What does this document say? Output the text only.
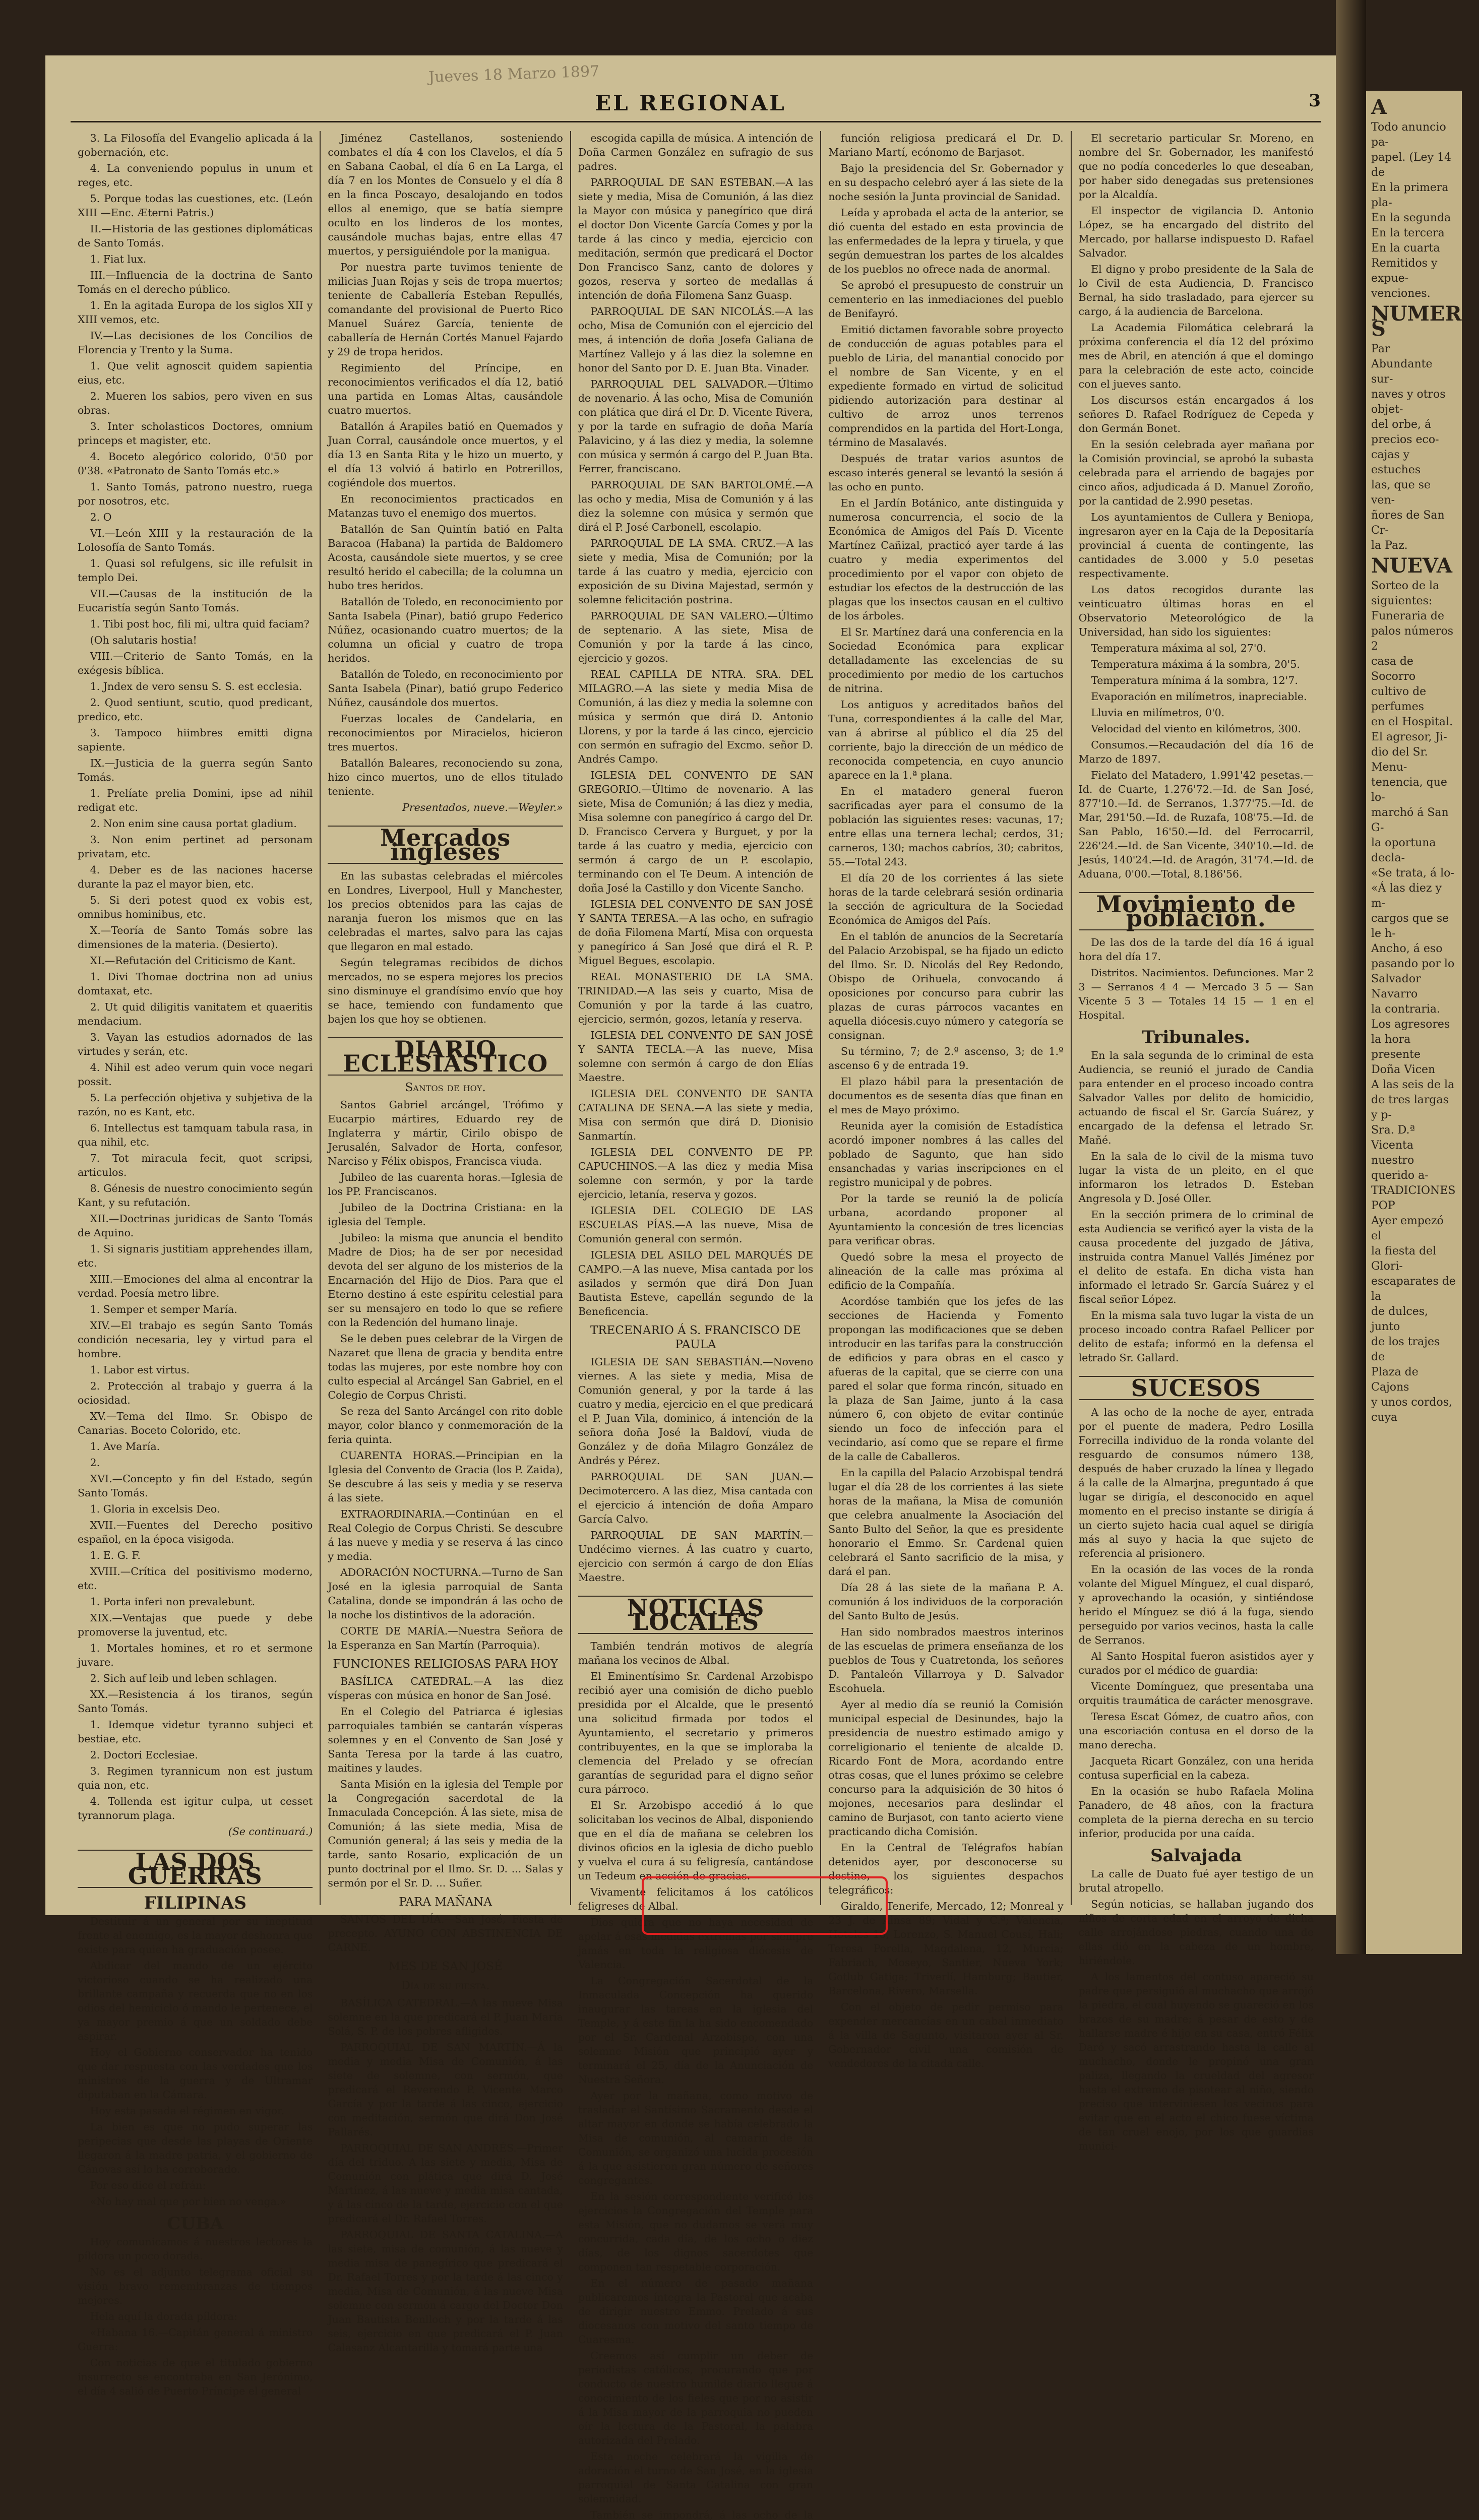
Jueves 18 Marzo 1897
EL REGIONAL	3

3. La Filosofía del Evangelio aplicada á la gobernación, etc.

4. La conveniendo populus in unum et reges, etc.

5. Porque todas las cuestiones, etc. (León XIII —Enc. Æterni Patris.)

II.—Historia de las gestiones diplomáticas de Santo Tomás.

1. Fiat lux.

III.—Influencia de la doctrina de Santo Tomás en el derecho público.

1. En la agitada Europa de los siglos XII y XIII vemos, etc.

IV.—Las decisiones de los Concilios de Florencia y Trento y la Suma.

1. Que velit agnoscit quidem sapientia eius, etc.

2. Mueren los sabios, pero viven en sus obras.

3. Inter scholasticos Doctores, omnium princeps et magister, etc.

4. Boceto alegórico colorido, 0'50 por 0'38. «Patronato de Santo Tomás etc.»

1. Santo Tomás, patrono nuestro, ruega por nosotros, etc.

2. O

VI.—León XIII y la restauración de la Lolosofía de Santo Tomás.

1. Quasi sol refulgens, sic ille refulsit in templo Dei.

VII.—Causas de la institución de la Eucaristía según Santo Tomás.

1. Tibi post hoc, fili mi, ultra quid faciam?

(Oh salutaris hostia!

VIII.—Criterio de Santo Tomás, en la exégesis bíblica.

1. Jndex de vero sensu S. S. est ecclesia.

2. Quod sentiunt, scutio, quod predicant, predico, etc.

3. Tampoco hiimbres emitti digna sapiente.

IX.—Justicia de la guerra según Santo Tomás.

1. Prelíate prelia Domini, ipse ad nihil redigat etc.

2. Non enim sine causa portat gladium.

3. Non enim pertinet ad personam privatam, etc.

4. Deber es de las naciones hacerse durante la paz el mayor bien, etc.

5. Si deri potest quod ex vobis est, omnibus hominibus, etc.

X.—Teoría de Santo Tomás sobre las dimensiones de la materia. (Desierto).

XI.—Refutación del Criticismo de Kant.

1. Divi Thomae doctrina non ad unius domtaxat, etc.

2. Ut quid diligitis vanitatem et quaeritis mendacium.

3. Vayan las estudios adornados de las virtudes y serán, etc.

4. Nihil est adeo verum quin voce negari possit.

5. La perfección objetiva y subjetiva de la razón, no es Kant, etc.

6. Intellectus est tamquam tabula rasa, in qua nihil, etc.

7. Tot miracula fecit, quot scripsi, articulos.

8. Génesis de nuestro conocimiento según Kant, y su refutación.

XII.—Doctrinas juridicas de Santo Tomás de Aquino.

1. Si signaris justitiam apprehendes illam, etc.

XIII.—Emociones del alma al encontrar la verdad. Poesía metro libre.

1. Semper et semper María.

XIV.—El trabajo es según Santo Tomás condición necesaria, ley y virtud para el hombre.

1. Labor est virtus.

2. Protección al trabajo y guerra á la ociosidad.

XV.—Tema del Ilmo. Sr. Obispo de Canarias. Boceto Colorido, etc.

1. Ave María.

2.

XVI.—Concepto y fin del Estado, según Santo Tomás.

1. Gloria in excelsis Deo.

XVII.—Fuentes del Derecho positivo español, en la época visigoda.

1. E. G. F.

XVIII.—Crítica del positivismo moderno, etc.

1. Porta inferi non prevalebunt.

XIX.—Ventajas que puede y debe promoverse la juventud, etc.

1. Mortales homines, et ro et sermone juvare.

2. Sich auf leib und leben schlagen.

XX.—Resistencia á los tiranos, según Santo Tomás.

1. Idemque videtur tyranno subjeci et bestiae, etc.

2. Doctori Ecclesiae.

3. Regimen tyrannicum non est justum quia non, etc.

4. Tollenda est igitur culpa, ut cesset tyrannorum plaga.

(Se continuará.)
LAS DOS GUERRAS
FILIPINAS

Destituir á un general por su ineptitud frente al enemigo, es la mayor deshonra que existe para quien ha graduación posee.

Abdicar del mando de un ejército victorioso cuando se ha realizado una brillante campaña y recuerda que no en los odios del hemiciclo ó mando le pertenece, el ya mayor premio á que un soldado debe aspirar.

Hoy el Gobierno conservador ha tenido que dar respuesta con las verdades que los ministros de la guerra y de Ultramar diputaban en la Cámara.

Hoy esta pasada el régimen en vigor.

La bien es que no pudo superar las peripecias que desde las playas de Oriente llegaron á la madre patria, y el gobierno de Cánovas así lo ha corroborado.

Por eso dice el refrán:

«No hay mal que por bien no venga.»

CUBA

Hoy comunicamos á nuestros lectores la píldora un poco dorada.

No es el adjunto telegrama oficial su visión bravo remembranzas de tiempos mejores.

Hela aquí la dorada píldora:

«Habana 16.—Capitán general á ministro Guerra:

Con noticias de que el titulado gobierno insurrecto se encontraba en San Jerónimo, el día 4 salió de Puerto Príncipe el general

Jiménez Castellanos, sosteniendo combates el día 4 con los Clavelos, el día 5 en Sabana Caobal, el día 6 en La Larga, el día 7 en los Montes de Consuelo y el día 8 en la finca Poscayo, desalojando en todos ellos al enemigo, que se batía siempre oculto en los linderos de los montes, causándole muchas bajas, entre ellas 47 muertos, y persiguiéndole por la manigua.

Por nuestra parte tuvimos teniente de milicias Juan Rojas y seis de tropa muertos; teniente de Caballería Esteban Repullés, comandante del provisional de Puerto Rico Manuel Suárez García, teniente de caballería de Hernán Cortés Manuel Fajardo y 29 de tropa heridos.

Regimiento del Príncipe, en reconocimientos verificados el día 12, batió una partida en Lomas Altas, causándole cuatro muertos.

Batallón á Arapiles batió en Quemados y Juan Corral, causándole once muertos, y el día 13 en Santa Rita y le hizo un muerto, y el día 13 volvió á batirlo en Potrerillos, cogiéndole dos muertos.

En reconocimientos practicados en Matanzas tuvo el enemigo dos muertos.

Batallón de San Quintín batió en Palta Baracoa (Habana) la partida de Baldomero Acosta, causándole siete muertos, y se cree resultó herido el cabecilla; de la columna un hubo tres heridos.

Batallón de Toledo, en reconocimiento por Santa Isabela (Pinar), batió grupo Federico Núñez, ocasionando cuatro muertos; de la columna un oficial y cuatro de tropa heridos.

Batallón de Toledo, en reconocimiento por Santa Isabela (Pinar), batió grupo Federico Núñez, causándole dos muertos.

Fuerzas locales de Candelaria, en reconocimientos por Miracielos, hicieron tres muertos.

Batallón Baleares, reconociendo su zona, hizo cinco muertos, uno de ellos titulado teniente.

Presentados, nueve.—Weyler.»
Mercados ingleses

En las subastas celebradas el miércoles en Londres, Liverpool, Hull y Manchester, los precios obtenidos para las cajas de naranja fueron los mismos que en las celebradas el martes, salvo para las cajas que llegaron en mal estado.

Según telegramas recibidos de dichos mercados, no se espera mejores los precios sino disminuye el grandísimo envío que hoy se hace, temiendo con fundamento que bajen los que hoy se obtienen.

DIARIO ECLESIÁSTICO
Santos de hoy.

Santos Gabriel arcángel, Trófimo y Eucarpio mártires, Eduardo rey de Inglaterra y mártir, Cirilo obispo de Jerusalén, Salvador de Horta, confesor, Narciso y Félix obispos, Francisca viuda.

Jubileo de las cuarenta horas.—Iglesia de los PP. Franciscanos.

Jubileo de la Doctrina Cristiana: en la iglesia del Temple.

Jubileo: la misma que anuncia el bendito Madre de Dios; ha de ser por necesidad devota del ser alguno de los misterios de la Encarnación del Hijo de Dios. Para que el Eterno destino á este espíritu celestial para ser su mensajero en todo lo que se refiere con la Redención del humano linaje.

Se le deben pues celebrar de la Virgen de Nazaret que llena de gracia y bendita entre todas las mujeres, por este nombre hoy con culto especial al Arcángel San Gabriel, en el Colegio de Corpus Christi.

Se reza del Santo Arcángel con rito doble mayor, color blanco y conmemoración de la feria quinta.

CUARENTA HORAS.—Principian en la Iglesia del Convento de Gracia (los P. Zaida), Se descubre á las seis y media y se reserva á las siete.

EXTRAORDINARIA.—Continúan en el Real Colegio de Corpus Christi. Se descubre á las nueve y media y se reserva á las cinco y media.

ADORACIÓN NOCTURNA.—Turno de San José en la iglesia parroquial de Santa Catalina, donde se impondrán á las ocho de la noche los distintivos de la adoración.

CORTE DE MARÍA.—Nuestra Señora de la Esperanza en San Martín (Parroquia).

FUNCIONES RELIGIOSAS PARA HOY

BASÍLICA CATEDRAL.—A las diez vísperas con música en honor de San José.

En el Colegio del Patriarca é iglesias parroquiales también se cantarán vísperas solemnes y en el Convento de San José y Santa Teresa por la tarde á las cuatro, maitines y laudes.

Santa Misión en la iglesia del Temple por la Congregación sacerdotal de la Inmaculada Concepción. Á las siete, misa de Comunión; á las siete media, Misa de Comunión general; á las seis y media de la tarde, santo Rosario, explicación de un punto doctrinal por el Ilmo. Sr. D. ... Salas y sermón por el Sr. D. ... Suñer.

PARA MAÑANA

SANTOS DEL DÍA.—San José, Fiesta de precepto. AYUNO CON ABSTINENCIA DE CARNE.

MES DE SAN JOSÉ
Día de su fiesta.

BASÍLICA CATEDRAL.—A las nueve Misa solemne en la que predicará el P. Juan María Solá, S. P. de los pobres afligidos.

PARROQUIAL DE SAN MARTÍN.—Á la media y media Misa de Comunión, á las siete de solemne, con sermón, que predicará el Reverendo P. Vicente Marco García y por la tarde á las cinco, ejercicio con meditación, sermón que dirá Don José Pallarés.

PARROQUIAL DE SAN ANDRÉS.—Primer día del triduo. A las siete y media, Misa de Comunión con plática que dirá D. José Martínez, á las nueve y media misa cantada, y á las cinco de la tarde, ejercicio con el que predicará el Dr. Rafael Torres.

PARROQUIAL DE SANTA CATALINA.—A las siete, misa de comunión, á las nueve y media misa de panegírico que predicará el Dr. Rafael Torres y por la tarde á las cinco y media, Misa de Comunión, á las nueve Misa solemne con sermón á cargo del Doctor Don Juan Bautista Benlloch y por la tarde á las seis, ejercicio en que predicará el P. Juan Calasanz Alcantarilla y tomará parte una

escogida capilla de música. A intención de Doña Carmen González en sufragio de sus padres.

PARROQUIAL DE SAN ESTEBAN.—A las siete y media, Misa de Comunión, á las diez la Mayor con música y panegírico que dirá el doctor Don Vicente García Comes y por la tarde á las cinco y media, ejercicio con meditación, sermón que predicará el Doctor Don Francisco Sanz, canto de dolores y gozos, reserva y sorteo de medallas á intención de doña Filomena Sanz Guasp.

PARROQUIAL DE SAN NICOLÁS.—A las ocho, Misa de Comunión con el ejercicio del mes, á intención de doña Josefa Galiana de Martínez Vallejo y á las diez la solemne en honor del Santo por D. E. Juan Bta. Vinader.

PARROQUIAL DEL SALVADOR.—Último de novenario. Á las ocho, Misa de Comunión con plática que dirá el Dr. D. Vicente Rivera, y por la tarde en sufragio de doña María Palavicino, y á las diez y media, la solemne con música y sermón á cargo del P. Juan Bta. Ferrer, franciscano.

PARROQUIAL DE SAN BARTOLOMÉ.—A las ocho y media, Misa de Comunión y á las diez la solemne con música y sermón que dirá el P. José Carbonell, escolapio.

PARROQUIAL DE LA SMA. CRUZ.—A las siete y media, Misa de Comunión; por la tarde á las cuatro y media, ejercicio con exposición de su Divina Majestad, sermón y solemne felicitación postrina.

PARROQUIAL DE SAN VALERO.—Último de septenario. A las siete, Misa de Comunión y por la tarde á las cinco, ejercicio y gozos.

REAL CAPILLA DE NTRA. SRA. DEL MILAGRO.—A las siete y media Misa de Comunión, á las diez y media la solemne con música y sermón que dirá D. Antonio Llorens, y por la tarde á las cinco, ejercicio con sermón en sufragio del Excmo. señor D. Andrés Campo.

IGLESIA DEL CONVENTO DE SAN GREGORIO.—Último de novenario. A las siete, Misa de Comunión; á las diez y media, Misa solemne con panegírico á cargo del Dr. D. Francisco Cervera y Burguet, y por la tarde á las cuatro y media, ejercicio con sermón á cargo de un P. escolapio, terminando con el Te Deum. A intención de doña José la Castillo y don Vicente Sancho.

IGLESIA DEL CONVENTO DE SAN JOSÉ Y SANTA TERESA.—A las ocho, en sufragio de doña Filomena Martí, Misa con orquesta y panegírico á San José que dirá el R. P. Miguel Begues, escolapio.

REAL MONASTERIO DE LA SMA. TRINIDAD.—A las seis y cuarto, Misa de Comunión y por la tarde á las cuatro, ejercicio, sermón, gozos, letanía y reserva.

IGLESIA DEL CONVENTO DE SAN JOSÉ Y SANTA TECLA.—A las nueve, Misa solemne con sermón á cargo de don Elías Maestre.

IGLESIA DEL CONVENTO DE SANTA CATALINA DE SENA.—A las siete y media, Misa con sermón que dirá D. Dionisio Sanmartín.

IGLESIA DEL CONVENTO DE PP. CAPUCHINOS.—A las diez y media Misa solemne con sermón, y por la tarde ejercicio, letanía, reserva y gozos.

IGLESIA DEL COLEGIO DE LAS ESCUELAS PÍAS.—A las nueve, Misa de Comunión general con sermón.

IGLESIA DEL ASILO DEL MARQUÉS DE CAMPO.—A las nueve, Misa cantada por los asilados y sermón que dirá Don Juan Bautista Esteve, capellán segundo de la Beneficencia.

TRECENARIO Á S. FRANCISCO DE PAULA

IGLESIA DE SAN SEBASTIÁN.—Noveno viernes. A las siete y media, Misa de Comunión general, y por la tarde á las cuatro y media, ejercicio en el que predicará el P. Juan Vila, dominico, á intención de la señora doña José la Baldoví, viuda de González y de doña Milagro González de Andrés y Pérez.

PARROQUIAL DE SAN JUAN.—Decimotercero. A las diez, Misa cantada con el ejercicio á intención de doña Amparo García Calvo.

PARROQUIAL DE SAN MARTÍN.—Undécimo viernes. Á las cuatro y cuarto, ejercicio con sermón á cargo de don Elías Maestre.

NOTICIAS LOCALES

También tendrán motivos de alegría mañana los vecinos de Albal.

El Eminentísimo Sr. Cardenal Arzobispo recibió ayer una comisión de dicho pueblo presidida por el Alcalde, que le presentó una solicitud firmada por todos el Ayuntamiento, el secretario y primeros contribuyentes, en la que se imploraba la clemencia del Prelado y se ofrecían garantías de seguridad para el digno señor cura párroco.

El Sr. Arzobispo accedió á lo que solicitaban los vecinos de Albal, disponiendo que en el día de mañana se celebren los divinos oficios en la iglesia de dicho pueblo y vuelva el cura á su feligresía, cantándose un Tedeum en acción de gracias.

Vivamente felicitamos á los católicos feligreses de Albal.

Dios quiera que no haya necesidad de apelar á esas medidas extremas por siempre jamás en toda la religiosa diócesis de Valencia.

La Congregación Sacerdotal de la Inmaculada Concepción ha querido inaugurar las tareas en la iglesia del Temple, y á este fin la ha sido encomendado por el Sr. Cardenal Arzobispo, con una solemne Misión que principió ayer y terminará el 25, día de la Anunciación de Nuestra Señora.

Ayer por la mañana, como motivo de trasladar el Santísimo Sacramento desde el altar mayor en donde se había celebrado la Misa de comunión, al camarín de la Comunión, se organizó una lucida procesión á la que asistieron gran número de señores congregantes.

En la sesión correspondiente verificó los ejercicios la Congregación del Temple para esta Misión, que no dudamos se verá muy concurrida, cada día, de los ocho o diez días, de los dignos sacerdotes que componen tan respetable corporación.

En el número de pasado mañana publicaremos íntegra la Pastoral que acaba de dirigir nuestro Emmo. Prelado á sus diocesanos con motivo del santo tiempo de Cuaresma.

Creemos así cumplir un deber de periodistas católicos, procurando que por conducto de nuestro humilde diario llegue á conocimiento de los fieles que por no asistir á la Misa mayor de la parroquia no pueden oír la lectura de la Pastoral, la palabra autorizada del Prelado.

Esta noche celebrará la vigilia de adoración el turno de San José, en la iglesia parroquial de Santa Catalina con gran solemnidad.

También se impondrá, á las ocho de la

función religiosa predicará el Dr. D. Mariano Martí, ecónomo de Barjasot.

Bajo la presidencia del Sr. Gobernador y en su despacho celebró ayer á las siete de la noche sesión la Junta provincial de Sanidad.

Leída y aprobada el acta de la anterior, se dió cuenta del estado en esta provincia de las enfermedades de la lepra y tiruela, y que según demuestran los partes de los alcaldes de los pueblos no ofrece nada de anormal.

Se aprobó el presupuesto de construir un cementerio en las inmediaciones del pueblo de Benifayró.

Emitió dictamen favorable sobre proyecto de conducción de aguas potables para el pueblo de Liria, del manantial conocido por el nombre de San Vicente, y en el expediente formado en virtud de solicitud pidiendo autorización para destinar al cultivo de arroz unos terrenos comprendidos en la partida del Hort-Longa, término de Masalavés.

Después de tratar varios asuntos de escaso interés general se levantó la sesión á las ocho en punto.

En el Jardín Botánico, ante distinguida y numerosa concurrencia, el socio de la Económica de Amigos del País D. Vicente Martínez Cañizal, practicó ayer tarde á las cuatro y media experimentos del procedimiento por el vapor con objeto de estudiar los efectos de la destrucción de las plagas que los insectos causan en el cultivo de los árboles.

El Sr. Martínez dará una conferencia en la Sociedad Económica para explicar detalladamente las excelencias de su procedimiento por medio de los cartuchos de nitrina.

Los antiguos y acreditados baños del Tuna, correspondientes á la calle del Mar, van á abrirse al público el día 25 del corriente, bajo la dirección de un médico de reconocida competencia, en cuyo anuncio aparece en la 1.ª plana.

En el matadero general fueron sacrificadas ayer para el consumo de la población las siguientes reses: vacunas, 17; entre ellas una ternera lechal; cerdos, 31; carneros, 130; machos cabríos, 30; cabritos, 55.—Total 243.

El día 20 de los corrientes á las siete horas de la tarde celebrará sesión ordinaria la sección de agricultura de la Sociedad Económica de Amigos del País.

En el tablón de anuncios de la Secretaría del Palacio Arzobispal, se ha fijado un edicto del Ilmo. Sr. D. Nicolás del Rey Redondo, Obispo de Orihuela, convocando á oposiciones por concurso para cubrir las plazas de curas párrocos vacantes en aquella diócesis.cuyo número y categoría se consignan.

Su término, 7; de 2.º ascenso, 3; de 1.º ascenso 6 y de entrada 19.

El plazo hábil para la presentación de documentos es de sesenta días que finan en el mes de Mayo próximo.

Reunida ayer la comisión de Estadística acordó imponer nombres á las calles del poblado de Sagunto, que han sido ensanchadas y varias inscripciones en el registro municipal y de pobres.

Por la tarde se reunió la de policía urbana, acordando proponer al Ayuntamiento la concesión de tres licencias para verificar obras.

Quedó sobre la mesa el proyecto de alineación de la calle mas próxima al edificio de la Compañía.

Acordóse también que los jefes de las secciones de Hacienda y Fomento propongan las modificaciones que se deben introducir en las tarifas para la construcción de edificios y para obras en el casco y afueras de la capital, que se cierre con una pared el solar que forma rincón, situado en la plaza de San Jaime, junto á la casa número 6, con objeto de evitar continúe siendo un foco de infección para el vecindario, así como que se repare el firme de la calle de Caballeros.

En la capilla del Palacio Arzobispal tendrá lugar el día 28 de los corrientes á las siete horas de la mañana, la Misa de comunión que celebra anualmente la Asociación del Santo Bulto del Señor, la que es presidente honorario el Emmo. Sr. Cardenal quien celebrará el Santo sacrificio de la misa, y dará el pan.

Día 28 á las siete de la mañana P. A. comunión á los individuos de la corporación del Santo Bulto de Jesús.

Han sido nombrados maestros interinos de las escuelas de primera enseñanza de los pueblos de Tous y Cuatretonda, los señores D. Pantaleón Villarroya y D. Salvador Escohuela.

Ayer al medio día se reunió la Comisión municipal especial de Desinundes, bajo la presidencia de nuestro estimado amigo y correligionario el teniente de alcalde D. Ricardo Font de Mora, acordando entre otras cosas, que el lunes próximo se celebre concurso para la adquisición de 30 hitos ó mojones, necesarios para deslindar el camino de Burjasot, con tanto acierto viene practicando dicha Comisión.

En la Central de Telégrafos habían detenidos ayer, por desconocerse su destino, los siguientes despachos telegráficos:

Giraldo, Tenerife, Mercado, 12; Monreal y 23 J. de Ainsa 89; Vidal y C.ª; Valencia, Hoteles 10, Lorenzo, S. Manuel Cousí, Hali; Teresa Porella, Magdalena, 12, Murcia; Fabriach, Moseyo, Santier, Nueva York; Gotlub Gatiga; Triverlí, Hamburg; Bautier, Barcelona, Rivero, Marsella.

Con el objeto de pedir permiso para expender mercancías en un cabal inmediato á la villa de Sagunto, visitaron ayer al Sr. Gobernador civil una comisión de vendedores de la citada calle.

El secretario particular Sr. Moreno, en nombre del Sr. Gobernador, les manifestó que no podía concederles lo que deseaban, por haber sido denegadas sus pretensiones por la Alcaldía.

El inspector de vigilancia D. Antonio López, se ha encargado del distrito del Mercado, por hallarse indispuesto D. Rafael Salvador.

El digno y probo presidente de la Sala de lo Civil de esta Audiencia, D. Francisco Bernal, ha sido trasladado, para ejercer su cargo, á la audiencia de Barcelona.

La Academia Filomática celebrará la próxima conferencia el día 12 del próximo mes de Abril, en atención á que el domingo para la celebración de este acto, coincide con el jueves santo.

Los discursos están encargados á los señores D. Rafael Rodríguez de Cepeda y don Germán Bonet.

En la sesión celebrada ayer mañana por la Comisión provincial, se aprobó la subasta celebrada para el arriendo de bagajes por cinco años, adjudicada á D. Manuel Zoroño, por la cantidad de 2.990 pesetas.

Los ayuntamientos de Cullera y Beniopa, ingresaron ayer en la Caja de la Depositaría provincial á cuenta de contingente, las cantidades de 3.000 y 5.0 pesetas respectivamente.

Los datos recogidos durante las veinticuatro últimas horas en el Observatorio Meteorológico de la Universidad, han sido los siguientes:

Temperatura máxima al sol, 27'0.

Temperatura máxima á la sombra, 20'5.

Temperatura mínima á la sombra, 12'7.

Evaporación en milímetros, inapreciable.

Lluvia en milímetros, 0'0.

Velocidad del viento en kilómetros, 300.

Consumos.—Recaudación del día 16 de Marzo de 1897.

Fielato del Matadero, 1.991'42 pesetas.—Id. de Cuarte, 1.276'72.—Id. de San José, 877'10.—Id. de Serranos, 1.377'75.—Id. de Mar, 291'50.—Id. de Ruzafa, 108'75.—Id. de San Pablo, 16'50.—Id. del Ferrocarril, 226'24.—Id. de San Vicente, 340'10.—Id. de Jesús, 140'24.—Id. de Aragón, 31'74.—Id. de Aduana, 0'00.—Total, 8.186'56.

Movimiento de población.

De las dos de la tarde del día 16 á igual hora del día 17.

Distritos. Nacimientos. Defunciones. Mar 2 3 — Serranos 4 4 — Mercado 3 5 — San Vicente 5 3 — Totales 14 15 — 1 en el Hospital.

Tribunales.

En la sala segunda de lo criminal de esta Audiencia, se reunió el jurado de Candia para entender en el proceso incoado contra Salvador Valles por delito de homicidio, actuando de fiscal el Sr. García Suárez, y encargado de la defensa el letrado Sr. Mañé.

En la sala de lo civil de la misma tuvo lugar la vista de un pleito, en el que informaron los letrados D. Esteban Angresola y D. José Oller.

En la sección primera de lo criminal de esta Audiencia se verificó ayer la vista de la causa procedente del juzgado de Játiva, instruida contra Manuel Vallés Jiménez por el delito de estafa. En dicha vista han informado el letrado Sr. García Suárez y el fiscal señor López.

En la misma sala tuvo lugar la vista de un proceso incoado contra Rafael Pellicer por delito de estafa; informó en la defensa el letrado Sr. Gallard.

SUCESOS

A las ocho de la noche de ayer, entrada por el puente de madera, Pedro Losilla Forrecilla individuo de la ronda volante del resguardo de consumos número 138, después de haber cruzado la línea y llegado á la calle de la Almarjna, preguntado á que lugar se dirigía, el desconocido en aquel momento en el preciso instante se dirigía á un cierto sujeto hacia cual aquel se dirigía más al suyo y hacia la que sujeto de referencia al prisionero.

En la ocasión de las voces de la ronda volante del Miguel Mínguez, el cual disparó, y aprovechando la ocasión, y sintiéndose herido el Mínguez se dió á la fuga, siendo perseguido por varios vecinos, hasta la calle de Serranos.

Al Santo Hospital fueron asistidos ayer y curados por el médico de guardia:

Vicente Domínguez, que presentaba una orquitis traumática de carácter menosgrave.

Teresa Escat Gómez, de cuatro años, con una escoriación contusa en el dorso de la mano derecha.

Jacqueta Ricart González, con una herida contusa superficial en la cabeza.

En la ocasión se hubo Rafaela Molina Panadero, de 48 años, con la fractura completa de la pierna derecha en su tercio inferior, producida por una caída.

Salvajada

La calle de Duato fué ayer testigo de un brutal atropello.

Según noticias, se hallaban jugando dos niños de corta edad en el arroyo de dicha calle arrojándose piedras, cuando una de ellas dió en la cabeza de un hombre, hiriéndole.

A los lamentos del contuso apareció su padre que persiguió al muchacho que arrojó la piedra, el cual huyendo se guareció en los brazos de su madre; á pesar de esto y de hallarse madre é hijo en su casa, entró Félix Daró y sacó arrastrando hasta la calle al muchacho, donde le propinó una gran paliza, llegando la crueldad del agresor hasta el extremo de pisotear al niño, siendo preciso que interviniesen los vecinos para evitar que en el acto el chico fuese víctima de tan cruel enojo, por los que guardias munici-

A
Todo anuncio pa-
papel. (Ley 14 de
En la primera pla-
En la segunda
En la tercera
En la cuarta
Remitidos y expue-
venciones.
NUMERO S
Par
Abundante sur-
naves y otros objet-
del orbe, á precios eco-
cajas y estuches
las, que se ven-
ñores de San Cr-
la Paz.
NUEVA
Sorteo de la
siguientes:
Funeraria de
palos números 2
casa de Socorro
cultivo de perfumes
en el Hospital.
El agresor, Ji-
dio del Sr. Menu-
tenencia, que lo-
marchó á San G-
la oportuna decla-
«Se trata, á lo-
«Á las diez y m-
cargos que se le h-
Ancho, á eso
pasando por lo
Salvador Navarro
la contraria.
Los agresores
la hora presente
Doña Vicen
A las seis de la
de tres largas y p-
Sra. D.ª Vicenta
nuestro querido a-
TRADICIONES POP
Ayer empezó el
la fiesta del Glori-
escaparates de la
de dulces, junto
de los trajes de
Plaza de Cajons
y unos cordos, cuya
